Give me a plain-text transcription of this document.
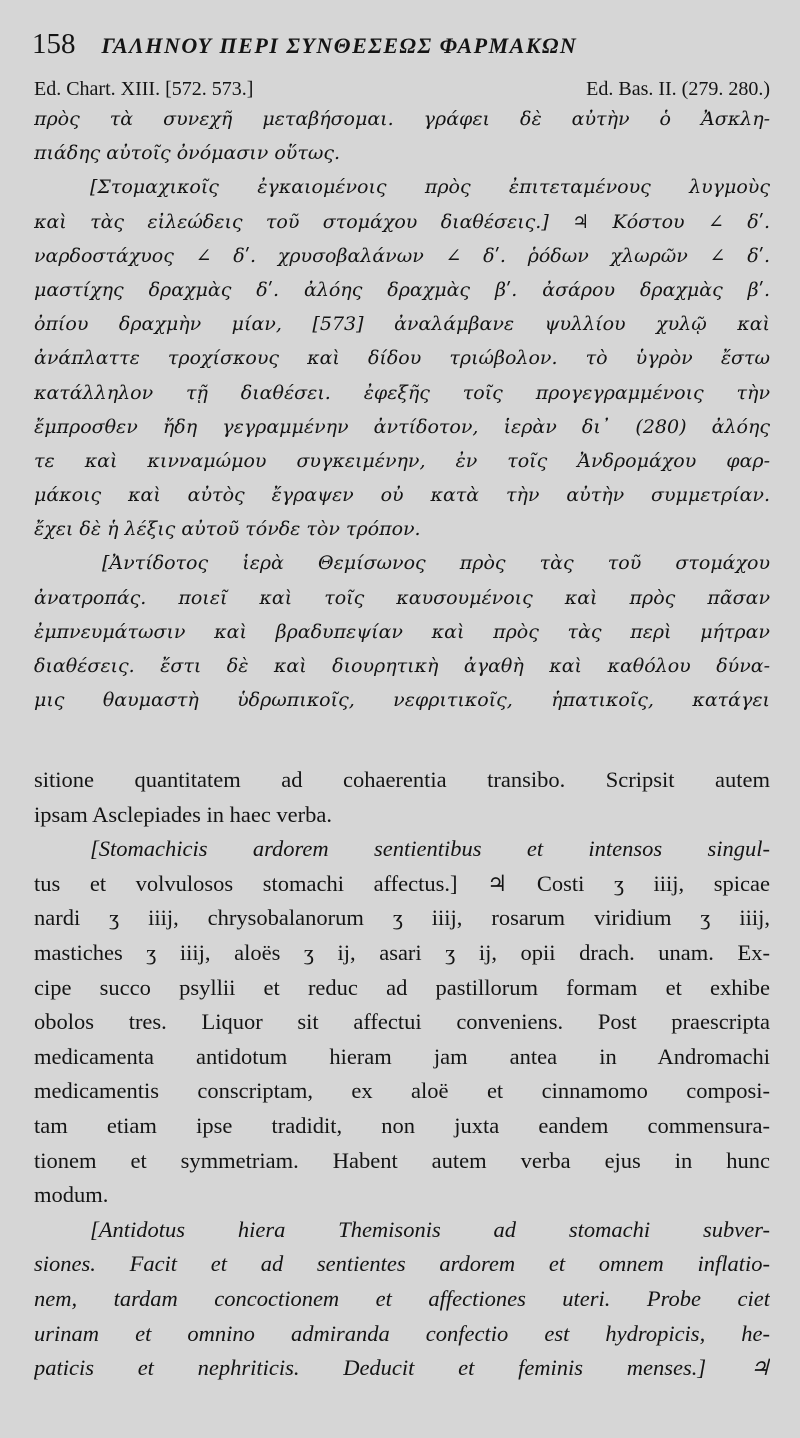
158 ΓΑΛΗΝΟΥ ΠΕΡΙ ΣΥΝΘΕΣΕΩΣ ΦΑΡΜΑΚΩΝ
Ed. Chart. XIII. [572. 573.]	Ed. Bas. II. (279. 280.)
πρὸς τὰ συνεχῆ μεταβήσομαι. γράφει δὲ αὐτὴν ὁ Ἀσκλη-
πιάδης αὐτοῖς ὀνόμασιν οὕτως.
[Στομαχικοῖς ἐγκαιομένοις πρὸς ἐπιτεταμένους λυγμοὺς
καὶ τὰς εἰλεώδεις τοῦ στομάχου διαθέσεις.] ♃ Κόστου ∠ δʹ.
ναρδοστάχυος ∠ δʹ. χρυσοβαλάνων ∠ δʹ. ῥόδων χλωρῶν ∠ δʹ.
μαστίχης δραχμὰς δʹ. ἀλόης δραχμὰς βʹ. ἀσάρου δραχμὰς βʹ.
ὀπίου δραχμὴν μίαν, [573] ἀναλάμβανε ψυλλίου χυλῷ καὶ
ἀνάπλαττε τροχίσκους καὶ δίδου τριώβολον. τὸ ὑγρὸν ἔστω
κατάλληλον τῇ διαθέσει. ἐφεξῆς τοῖς προγεγραμμένοις τὴν
ἔμπροσθεν ἤδη γεγραμμένην ἀντίδοτον, ἱερὰν δι᾽ (280) ἀλόης
τε καὶ κινναμώμου συγκειμένην, ἐν τοῖς Ἀνδρομάχου φαρ-
μάκοις καὶ αὐτὸς ἔγραψεν οὐ κατὰ τὴν αὐτὴν συμμετρίαν.
ἔχει δὲ ἡ λέξις αὐτοῦ τόνδε τὸν τρόπον.
[Ἀντίδοτος ἱερὰ Θεμίσωνος πρὸς τὰς τοῦ στομάχου
ἀνατροπάς. ποιεῖ καὶ τοῖς καυσουμένοις καὶ πρὸς πᾶσαν
ἐμπνευμάτωσιν καὶ βραδυπεψίαν καὶ πρὸς τὰς περὶ μήτραν
διαθέσεις. ἔστι δὲ καὶ διουρητικὴ ἀγαθὴ καὶ καθόλου δύνα-
μις θαυμαστὴ ὑδρωπικοῖς, νεφριτικοῖς, ἡπατικοῖς, κατάγει
sitione quantitatem ad cohaerentia transibo. Scripsit autem
ipsam Asclepiades in haec verba.
[Stomachicis ardorem sentientibus et intensos singul-
tus et volvulosos stomachi affectus.] ♃ Costi ʒ iiij, spicae
nardi ʒ iiij, chrysobalanorum ʒ iiij, rosarum viridium ʒ iiij,
mastiches ʒ iiij, aloës ʒ ij, asari ʒ ij, opii drach. unam. Ex-
cipe succo psyllii et reduc ad pastillorum formam et exhibe
obolos tres. Liquor sit affectui conveniens. Post praescripta
medicamenta antidotum hieram jam antea in Andromachi
medicamentis conscriptam, ex aloë et cinnamomo composi-
tam etiam ipse tradidit, non juxta eandem commensura-
tionem et symmetriam. Habent autem verba ejus in hunc
modum.
[Antidotus hiera Themisonis ad stomachi subver-
siones. Facit et ad sentientes ardorem et omnem inflatio-
nem, tardam concoctionem et affectiones uteri. Probe ciet
urinam et omnino admiranda confectio est hydropicis, he-
paticis et nephriticis. Deducit et feminis menses.] ♃
